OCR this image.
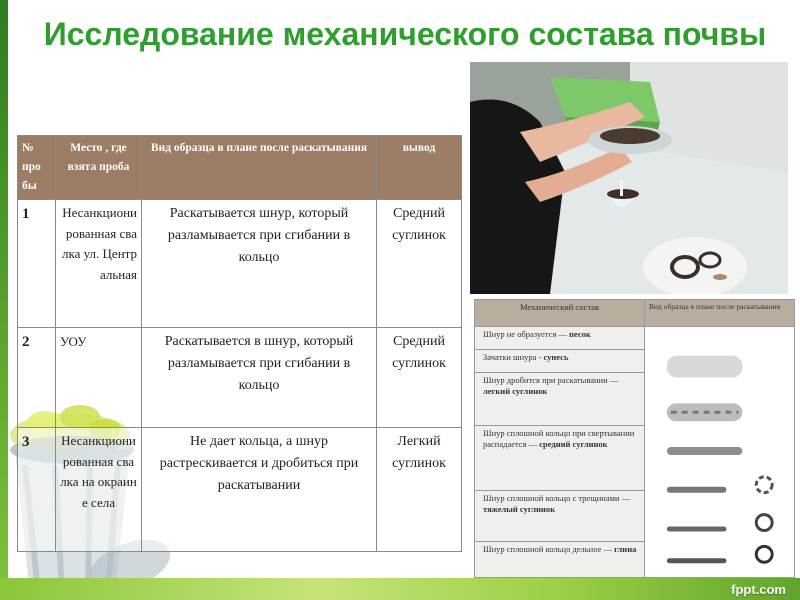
Исследование механического состава почвы
№ про бы	Место , где взята проба	Вид образца в плане после раскатывания	вывод
1	Несанкционированная свалка ул. Центральная	Раскатывается шнур, который разламывается при сгибании в кольцо	Средний суглинок
2	УОУ	Раскатывается в шнур, который разламывается при сгибании в кольцо	Средний суглинок
3	Несанкционированная свалка на окраине села	Не дает кольца, а шнур растрескивается и дробиться при раскатывании	Легкий суглинок
Механический состав	Вид образца в плане после раскатывания
Шнур не образуется — песок	
Зачатки шнура - супесь	
Шнур дробится при раскатывании — легкий суглинок	
Шнур сплошной кольцо при свертывании распадается — средний суглинок	
Шнур сплошной кольцо с трещинами — тяжелый суглинок	
Шнур сплошной кольцо дельное — глина	
fppt.com
